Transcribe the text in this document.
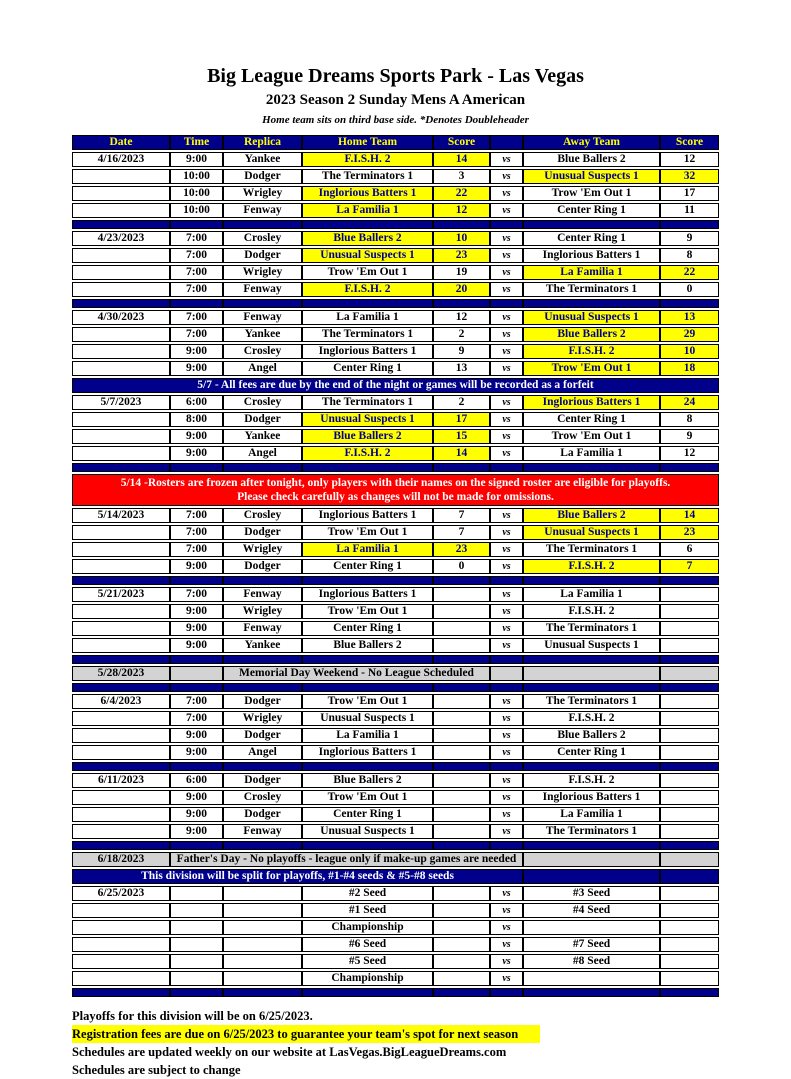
Big League Dreams Sports Park - Las Vegas
2023 Season 2 Sunday Mens A American
Home team sits on third base side. *Denotes Doubleheader
Date	Time	Replica	Home Team	Score		Away Team	Score
4/16/2023	9:00	Yankee	F.I.S.H. 2	14	vs	Blue Ballers 2	12
	10:00	Dodger	The Terminators 1	3	vs	Unusual Suspects 1	32
	10:00	Wrigley	Inglorious Batters 1	22	vs	Trow 'Em Out 1	17
	10:00	Fenway	La Familia 1	12	vs	Center Ring 1	11

4/23/2023	7:00	Crosley	Blue Ballers 2	10	vs	Center Ring 1	9
	7:00	Dodger	Unusual Suspects 1	23	vs	Inglorious Batters 1	8
	7:00	Wrigley	Trow 'Em Out 1	19	vs	La Familia 1	22
	7:00	Fenway	F.I.S.H. 2	20	vs	The Terminators 1	0

4/30/2023	7:00	Fenway	La Familia 1	12	vs	Unusual Suspects 1	13
	7:00	Yankee	The Terminators 1	2	vs	Blue Ballers 2	29
	9:00	Crosley	Inglorious Batters 1	9	vs	F.I.S.H. 2	10
	9:00	Angel	Center Ring 1	13	vs	Trow 'Em Out 1	18
5/7 - All fees are due by the end of the night or games will be recorded as a forfeit							
5/7/2023	6:00	Crosley	The Terminators 1	2	vs	Inglorious Batters 1	24
	8:00	Dodger	Unusual Suspects 1	17	vs	Center Ring 1	8
	9:00	Yankee	Blue Ballers 2	15	vs	Trow 'Em Out 1	9
	9:00	Angel	F.I.S.H. 2	14	vs	La Familia 1	12

5/14 -Rosters are frozen after tonight, only players with their names on the signed roster are eligible for playoffs.
Please check carefully as changes will not be made for omissions.							

5/14/2023	7:00	Crosley	Inglorious Batters 1	7	vs	Blue Ballers 2	14
	7:00	Dodger	Trow 'Em Out 1	7	vs	Unusual Suspects 1	23
	7:00	Wrigley	La Familia 1	23	vs	The Terminators 1	6
	9:00	Dodger	Center Ring 1	0	vs	F.I.S.H. 2	7

5/21/2023	7:00	Fenway	Inglorious Batters 1		vs	La Familia 1	
	9:00	Wrigley	Trow 'Em Out 1		vs	F.I.S.H. 2	
	9:00	Fenway	Center Ring 1		vs	The Terminators 1	
	9:00	Yankee	Blue Ballers 2		vs	Unusual Suspects 1	

5/28/2023		Memorial Day Weekend - No League Scheduled					

6/4/2023	7:00	Dodger	Trow 'Em Out 1		vs	The Terminators 1	
	7:00	Wrigley	Unusual Suspects 1		vs	F.I.S.H. 2	
	9:00	Dodger	La Familia 1		vs	Blue Ballers 2	
	9:00	Angel	Inglorious Batters 1		vs	Center Ring 1	

6/11/2023	6:00	Dodger	Blue Ballers 2		vs	F.I.S.H. 2	
	9:00	Crosley	Trow 'Em Out 1		vs	Inglorious Batters 1	
	9:00	Dodger	Center Ring 1		vs	La Familia 1	
	9:00	Fenway	Unusual Suspects 1		vs	The Terminators 1	

6/18/2023	Father's Day - No playoffs - league only if make-up games are needed						
This division will be split for playoffs, #1-#4 seeds & #5-#8 seeds							
6/25/2023			#2 Seed		vs	#3 Seed	
			#1 Seed		vs	#4 Seed	
			Championship		vs		
			#6 Seed		vs	#7 Seed	
			#5 Seed		vs	#8 Seed	
			Championship		vs		

Playoffs for this division will be on 6/25/2023.
Registration fees are due on 6/25/2023 to guarantee your team's spot for next season
Schedules are updated weekly on our website at LasVegas.BigLeagueDreams.com
Schedules are subject to change
